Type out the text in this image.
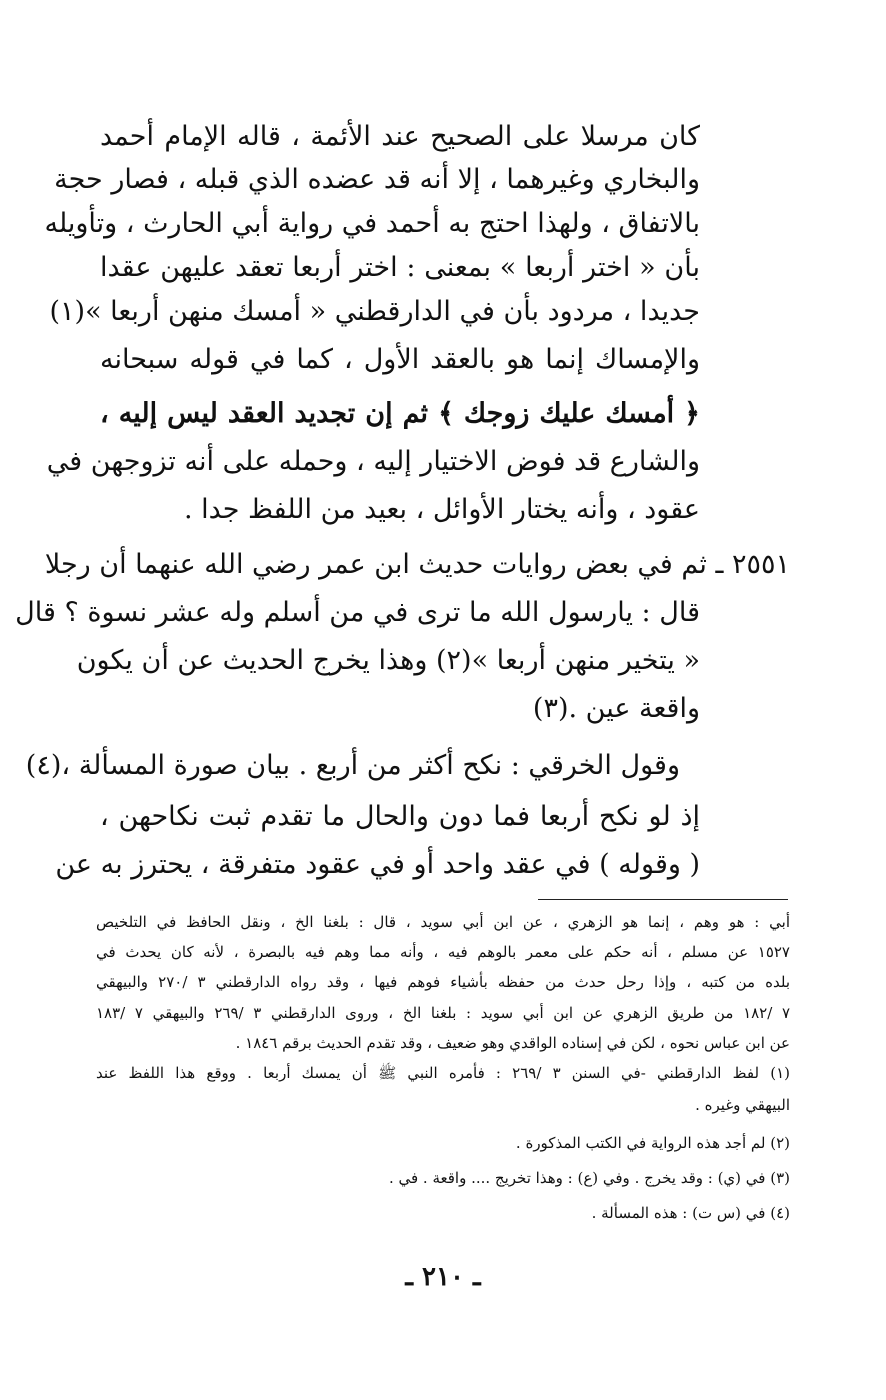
كان مرسلا على الصحيح عند الأئمة ، قاله الإمام أحمد

والبخاري وغيرهما ، إلا أنه قد عضده الذي قبله ، فصار حجة

بالاتفاق ، ولهذا احتج به أحمد في رواية أبي الحارث ، وتأويله

بأن « اختر أربعا » بمعنى : اختر أربعا تعقد عليهن عقدا

جديدا ، مردود بأن في الدارقطني « أمسك منهن أربعا »(١)

والإمساك إنما هو بالعقد الأول ، كما في قوله سبحانه

﴿ أمسك عليك زوجك ﴾ ثم إن تجديد العقد ليس إليه ،

والشارع قد فوض الاختيار إليه ، وحمله على أنه تزوجهن في

عقود ، وأنه يختار الأوائل ، بعيد من اللفظ جدا .

٢٥٥١ ـ ثم في بعض روايات حديث ابن عمر رضي الله عنهما أن رجلا

قال : يارسول الله ما ترى في من أسلم وله عشر نسوة ؟ قال

« يتخير منهن أربعا »(٢) وهذا يخرج الحديث عن أن يكون

واقعة عين .(٣)

وقول الخرقي : نكح أكثر من أربع . بيان صورة المسألة ،(٤)

إذ لو نكح أربعا فما دون والحال ما تقدم ثبت نكاحهن ،

( وقوله ) في عقد واحد أو في عقود متفرقة ، يحترز به عن

أبي : هو وهم ، إنما هو الزهري ، عن ابن أبي سويد ، قال : بلغنا الخ ، ونقل الحافظ في التلخيص

١٥٢٧ عن مسلم ، أنه حكم على معمر بالوهم فيه ، وأنه مما وهم فيه بالبصرة ، لأنه كان يحدث في

بلده من كتبه ، وإذا رحل حدث من حفظه بأشياء فوهم فيها ، وقد رواه الدارقطني ٣ /٢٧٠ والبيهقي

٧ /١٨٢ من طريق الزهري عن ابن أبي سويد : بلغنا الخ ، وروى الدارقطني ٣ /٢٦٩ والبيهقي ٧ /١٨٣

عن ابن عباس نحوه ، لكن في إسناده الواقدي وهو ضعيف ، وقد تقدم الحديث برقم ١٨٤٦ .

(١) لفظ الدارقطني -في السنن ٣ /٢٦٩ : فأمره النبي ﷺ أن يمسك أربعا . ووقع هذا اللفظ عند

البيهقي وغيره .

(٢) لم أجد هذه الرواية في الكتب المذكورة .

(٣) في (ي) : وقد يخرج . وفي (ع) : وهذا تخريج .... واقعة . في .

(٤) في (س ت) : هذه المسألة .

ـ ٢١٠ ـ
